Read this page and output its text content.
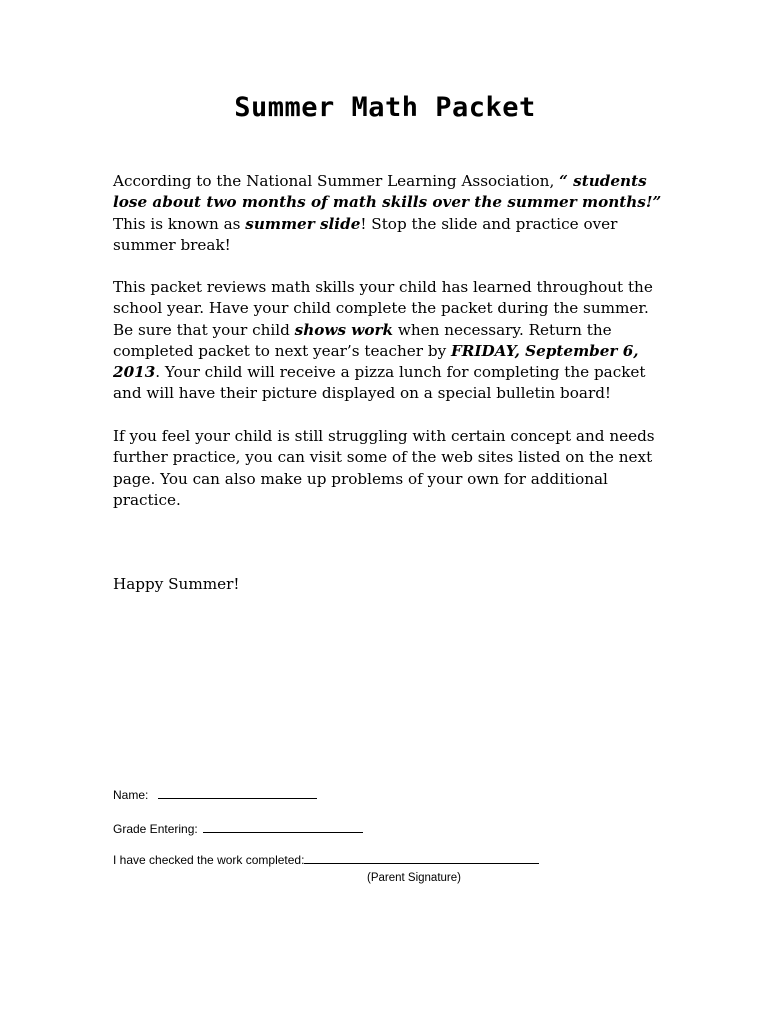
Summer Math Packet

According to the National Summer Learning Association, “ students lose about two months of math skills over the summer months!” This is known as summer slide! Stop the slide and practice over summer break!

This packet reviews math skills your child has learned throughout the school year. Have your child complete the packet during the summer. Be sure that your child shows work when necessary. Return the completed packet to next year’s teacher by FRIDAY, September 6, 2013. Your child will receive a pizza lunch for completing the packet and will have their picture displayed on a special bulletin board!

If you feel your child is still struggling with certain concept and needs further practice, you can visit some of the web sites listed on the next page. You can also make up problems of your own for additional practice.

Happy Summer!
Name:
Grade Entering:
I have checked the work completed:
(Parent Signature)
